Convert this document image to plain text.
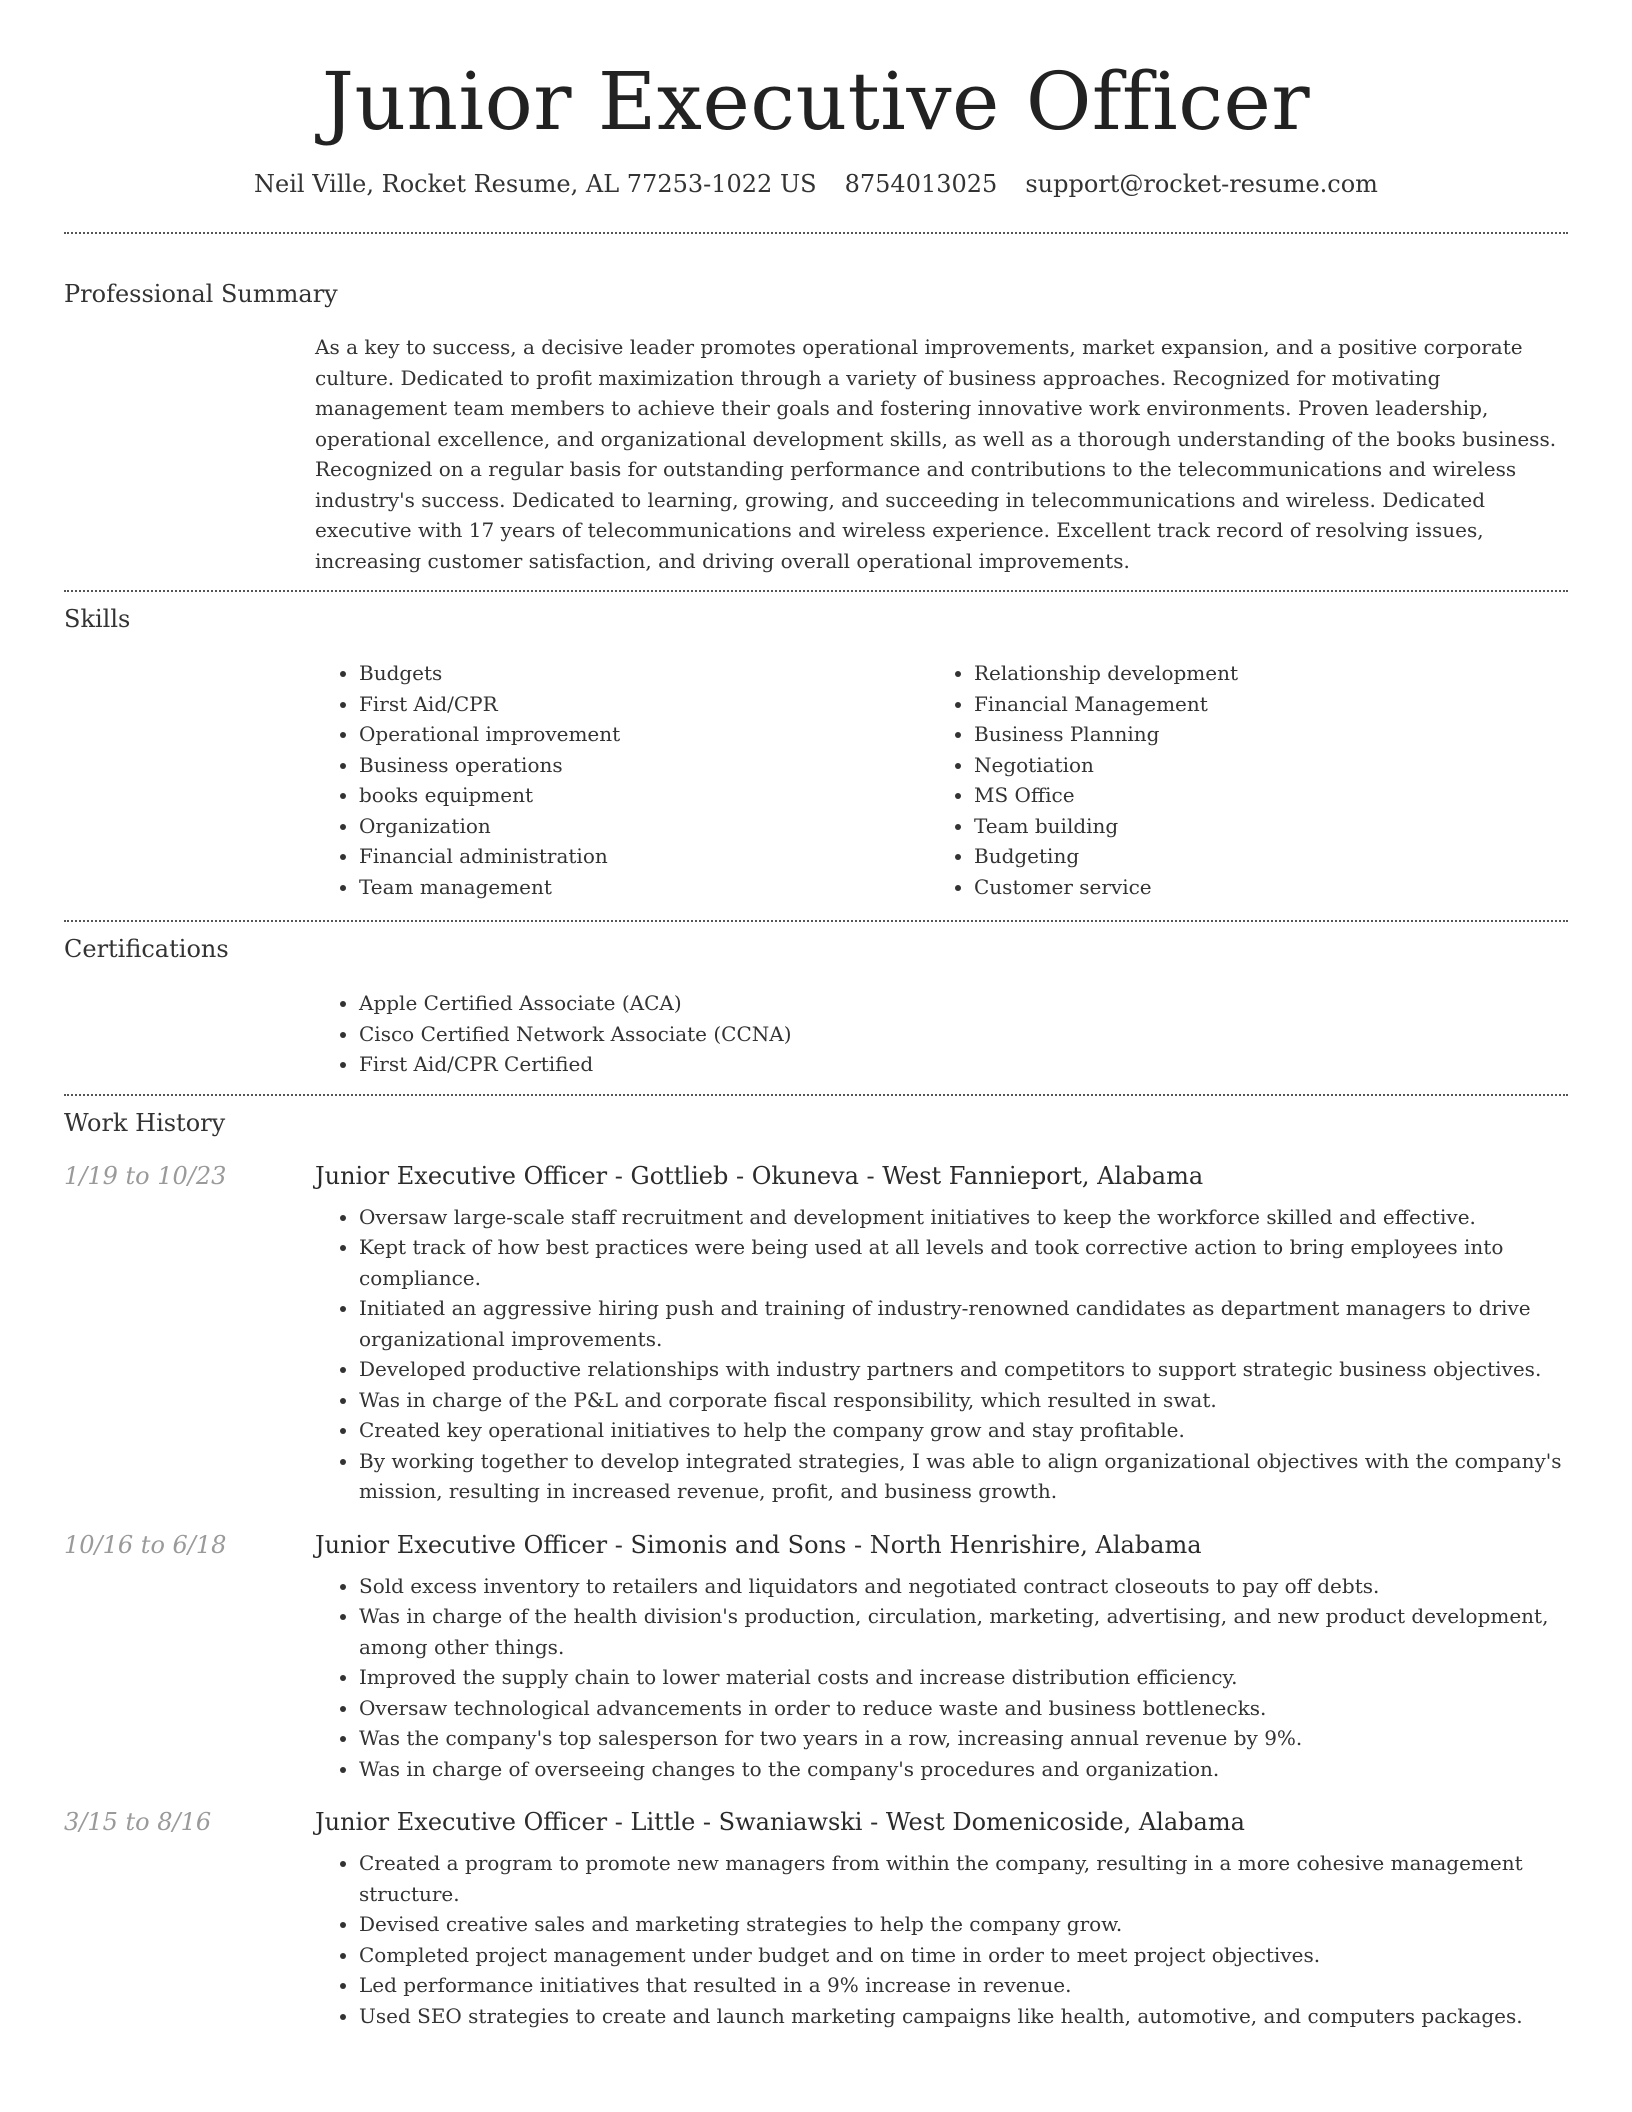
Junior Executive Officer
Neil Ville, Rocket Resume, AL 77253-1022 US 8754013025 support@rocket-resume.com
Professional Summary

As a key to success, a decisive leader promotes operational improvements, market expansion, and a positive corporate culture. Dedicated to profit maximization through a variety of business approaches. Recognized for motivating management team members to achieve their goals and fostering innovative work environments. Proven leadership, operational excellence, and organizational development skills, as well as a thorough understanding of the books business. Recognized on a regular basis for outstanding performance and contributions to the telecommunications and wireless industry's success. Dedicated to learning, growing, and succeeding in telecommunications and wireless. Dedicated executive with 17 years of telecommunications and wireless experience. Excellent track record of resolving issues, increasing customer satisfaction, and driving overall operational improvements.

Skills
• Budgets
• First Aid/CPR
• Operational improvement
• Business operations
• books equipment
• Organization
• Financial administration
• Team management
• Relationship development
• Financial Management
• Business Planning
• Negotiation
• MS Office
• Team building
• Budgeting
• Customer service
Certifications
• Apple Certified Associate (ACA)
• Cisco Certified Network Associate (CCNA)
• First Aid/CPR Certified
Work History
1/19 to 10/23	Junior Executive Officer - Gottlieb - Okuneva - West Fannieport, Alabama
• Oversaw large-scale staff recruitment and development initiatives to keep the workforce skilled and effective.
• Kept track of how best practices were being used at all levels and took corrective action to bring employees into compliance.
• Initiated an aggressive hiring push and training of industry-renowned candidates as department managers to drive organizational improvements.
• Developed productive relationships with industry partners and competitors to support strategic business objectives.
• Was in charge of the P&L and corporate fiscal responsibility, which resulted in swat.
• Created key operational initiatives to help the company grow and stay profitable.
• By working together to develop integrated strategies, I was able to align organizational objectives with the company's mission, resulting in increased revenue, profit, and business growth.
10/16 to 6/18	Junior Executive Officer - Simonis and Sons - North Henrishire, Alabama
• Sold excess inventory to retailers and liquidators and negotiated contract closeouts to pay off debts.
• Was in charge of the health division's production, circulation, marketing, advertising, and new product development, among other things.
• Improved the supply chain to lower material costs and increase distribution efficiency.
• Oversaw technological advancements in order to reduce waste and business bottlenecks.
• Was the company's top salesperson for two years in a row, increasing annual revenue by 9%.
• Was in charge of overseeing changes to the company's procedures and organization.
3/15 to 8/16	Junior Executive Officer - Little - Swaniawski - West Domenicoside, Alabama
• Created a program to promote new managers from within the company, resulting in a more cohesive management structure.
• Devised creative sales and marketing strategies to help the company grow.
• Completed project management under budget and on time in order to meet project objectives.
• Led performance initiatives that resulted in a 9% increase in revenue.
• Used SEO strategies to create and launch marketing campaigns like health, automotive, and computers packages.
